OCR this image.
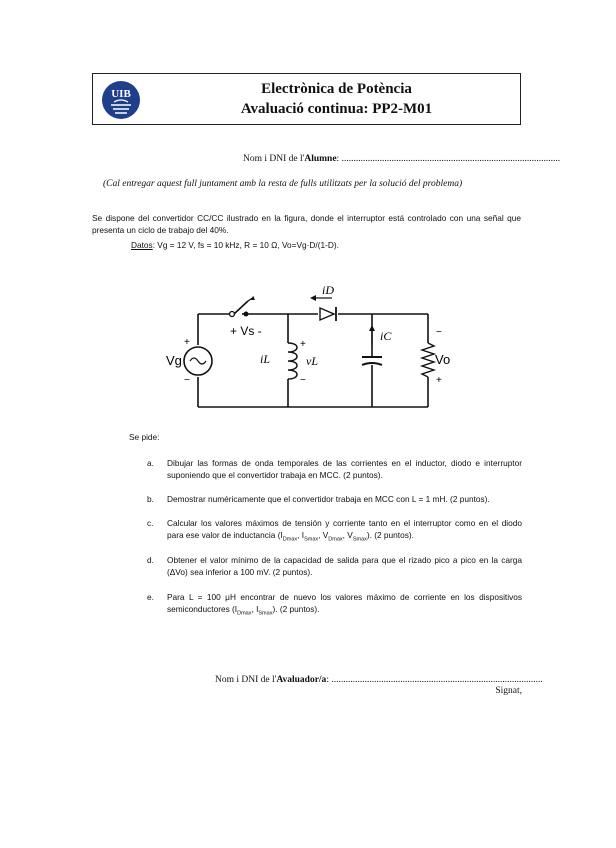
UIB	Electrònica de Potència
Avaluació continua: PP2-M01
Nom i DNI de l'Alumne: ............................................................................................
(Cal entregar aquest full juntament amb la resta de fulls utilitzats per la solució del problema)
Se dispone del convertidor CC/CC ilustrado en la figura, donde el interruptor está controlado con una señal que presenta un ciclo de trabajo del 40%.
Datos: Vg = 12 V, fs = 10 kHz, R = 10 Ω, Vo=Vg·D/(1-D).
Vg
+
−
+ Vs -
iL
+
vL
−
iD
iC	−
Vo
+
Se pide:
a. Dibujar las formas de onda temporales de las corrientes en el inductor, diodo e interruptor suponiendo que el convertidor trabaja en MCC. (2 puntos).
b. Demostrar numéricamente que el convertidor trabaja en MCC con L = 1 mH. (2 puntos).
c. Calcular los valores máximos de tensión y corriente tanto en el interruptor como en el diodo para ese valor de inductancia ($I_{Dmax}$, $I_{Smax}$, $V_{Dmax}$, $V_{Smax}$). (2 puntos).
d. Obtener el valor mínimo de la capacidad de salida para que el rizado pico a pico en la carga (ΔVo) sea inferior a 100 mV. (2 puntos).
e. Para L = 100 μH encontrar de nuevo los valores máximo de corriente en los dispositivos semiconductores ($I_{Dmax}$, $I_{Smax}$). (2 puntos).
Nom i DNI de l'Avaluador/a: .........................................................................................
Signat,
